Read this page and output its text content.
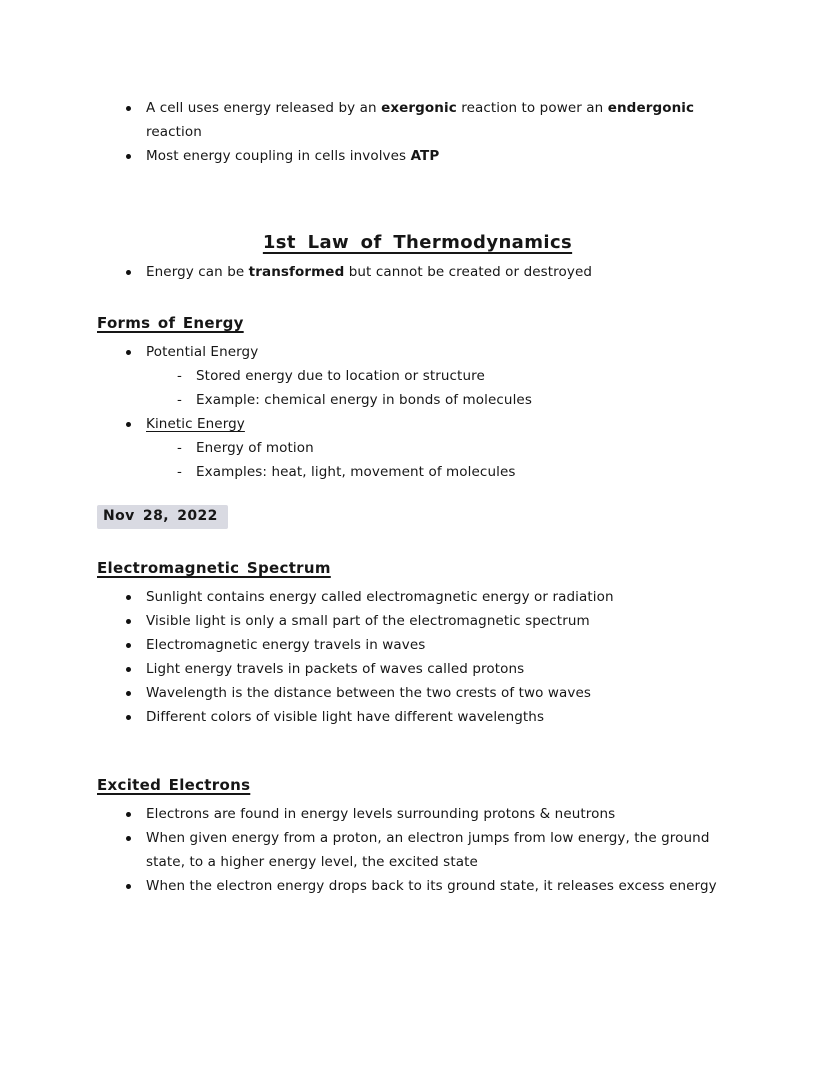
A cell uses energy released by an exergonic reaction to power an endergonic reaction
Most energy coupling in cells involves ATP
1st Law of Thermodynamics
Energy can be transformed but cannot be created or destroyed
Forms of Energy
Potential Energy
-
Stored energy due to location or structure
-
Example: chemical energy in bonds of molecules
Kinetic Energy
-
Energy of motion
-
Examples: heat, light, movement of molecules
Nov 28, 2022
Electromagnetic Spectrum
Sunlight contains energy called electromagnetic energy or radiation
Visible light is only a small part of the electromagnetic spectrum
Electromagnetic energy travels in waves
Light energy travels in packets of waves called protons
Wavelength is the distance between the two crests of two waves
Different colors of visible light have different wavelengths
Excited Electrons
Electrons are found in energy levels surrounding protons & neutrons
When given energy from a proton, an electron jumps from low energy, the ground state, to a higher energy level, the excited state
When the electron energy drops back to its ground state, it releases excess energy
